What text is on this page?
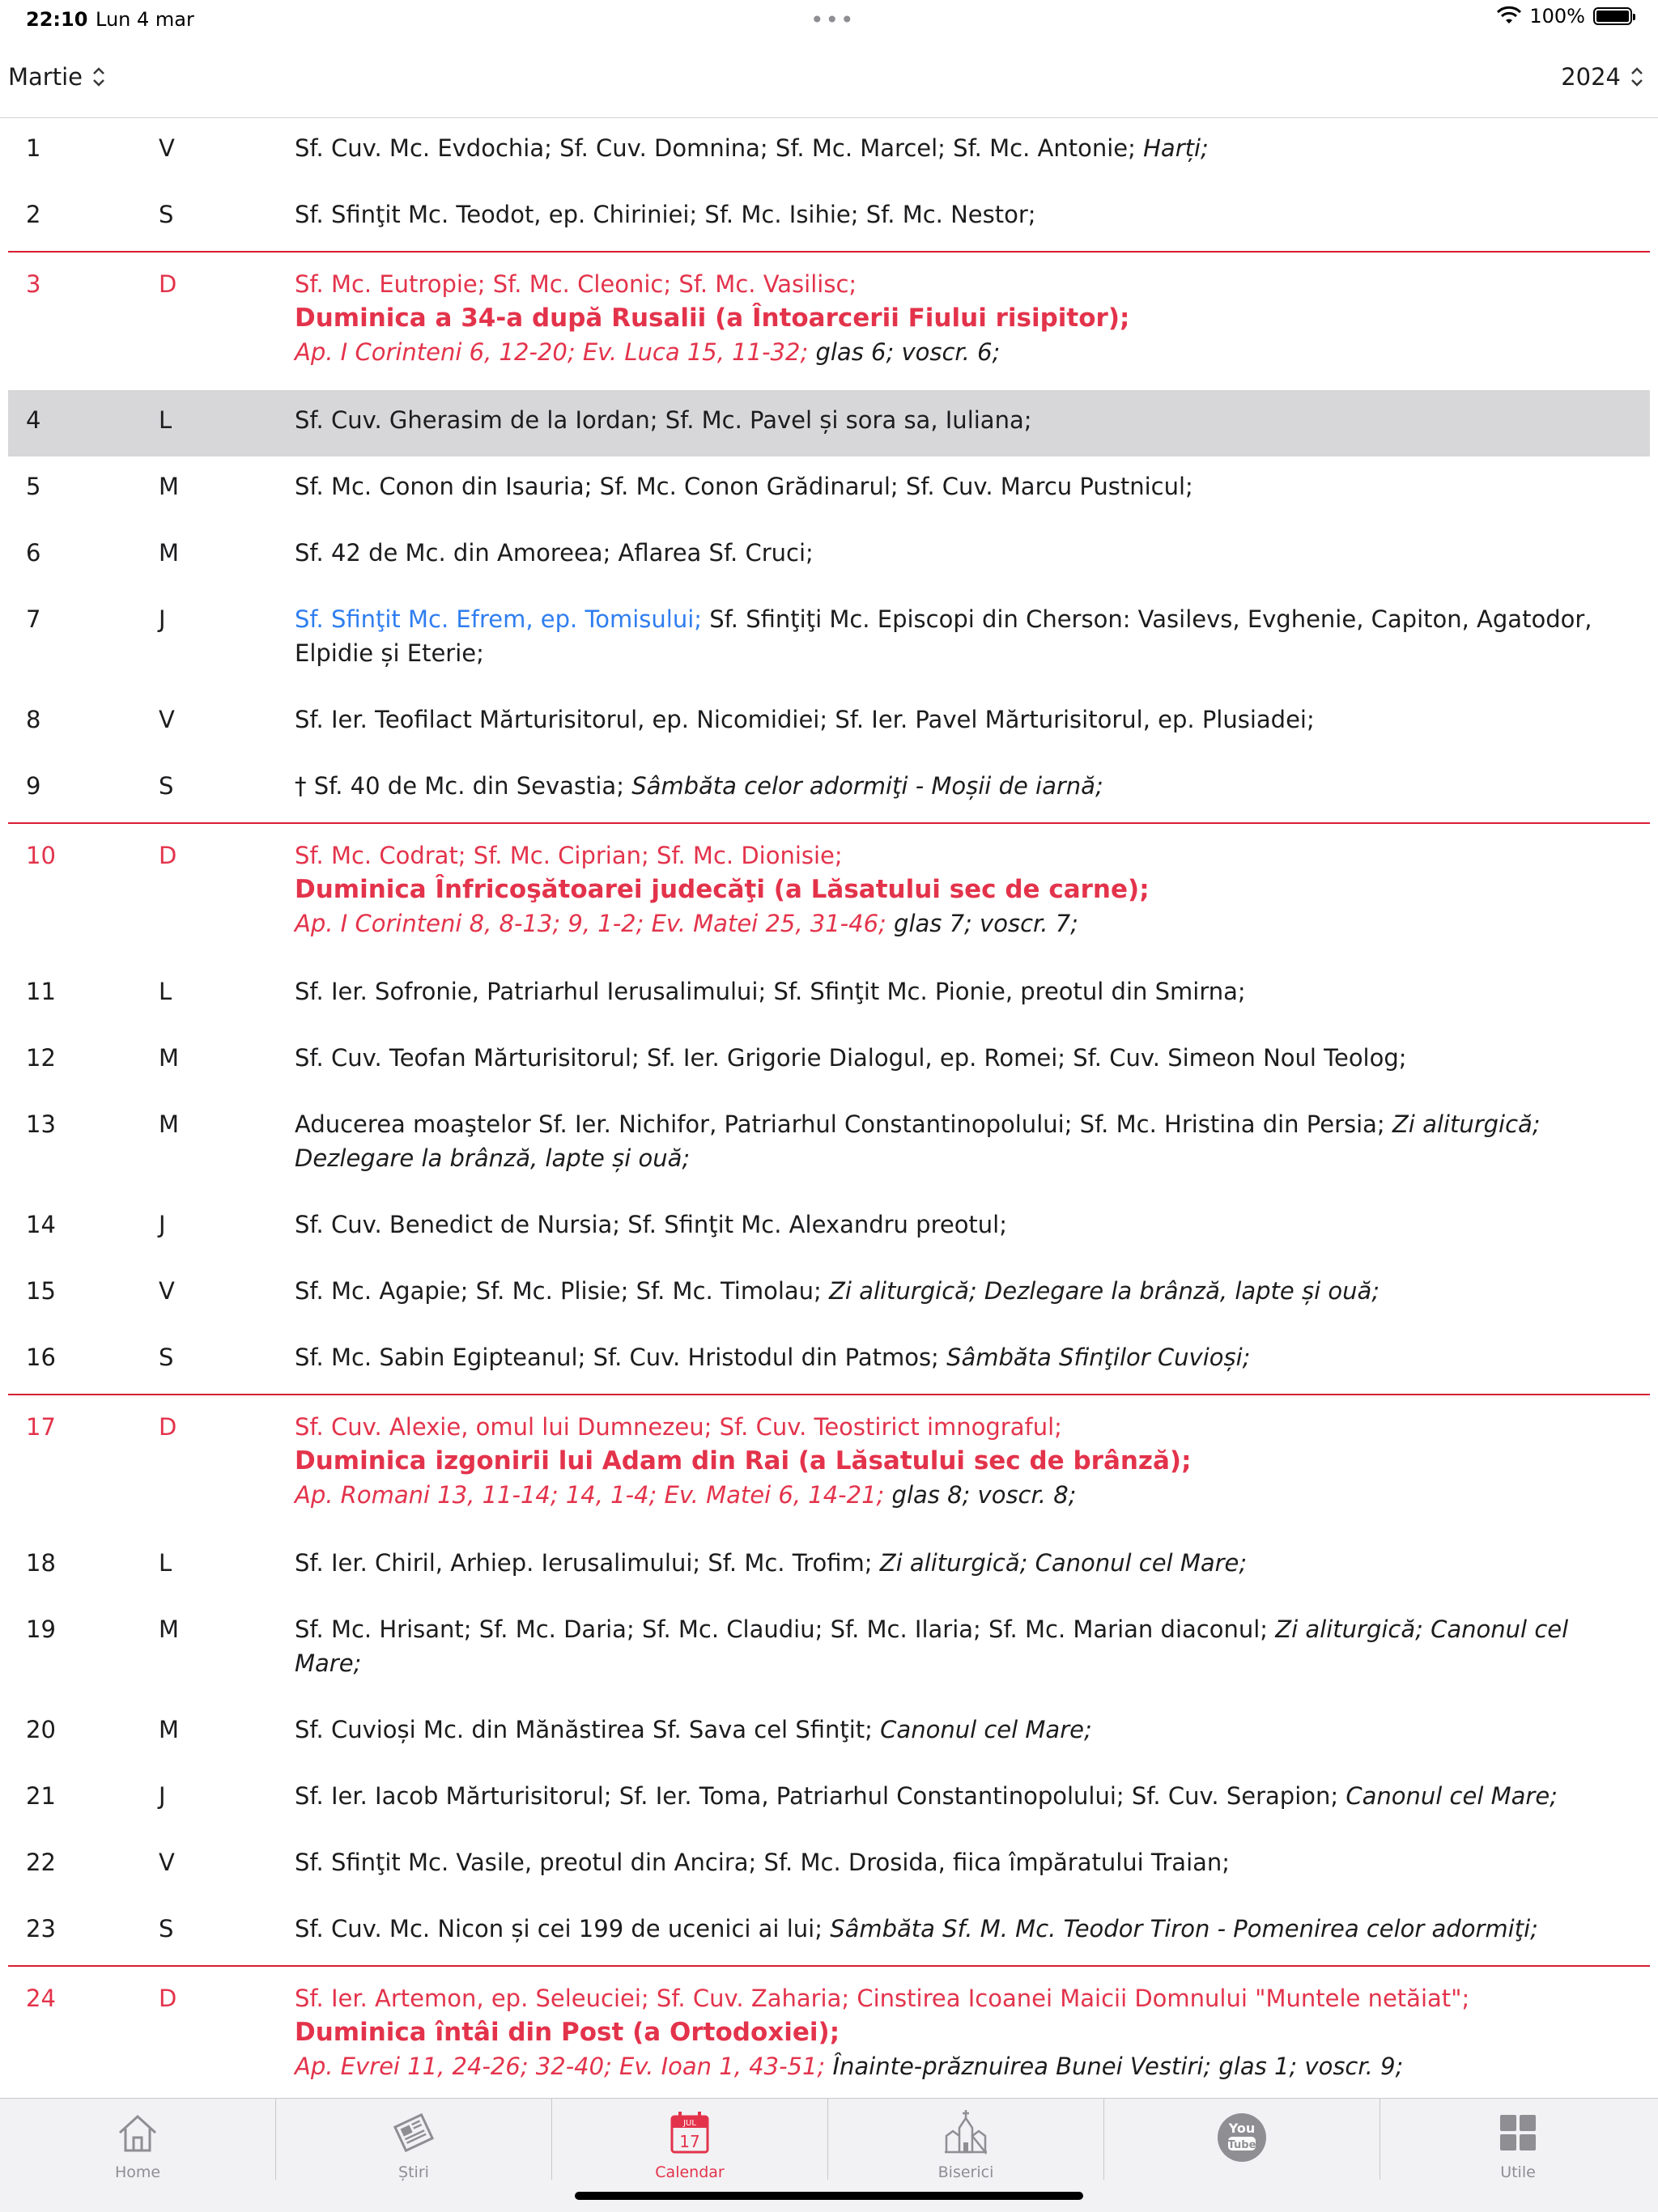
22:10 Lun 4 mar	•••	100%
Martie	2024
1	V	Sf. Cuv. Mc. Evdochia; Sf. Cuv. Domnina; Sf. Mc. Marcel; Sf. Mc. Antonie; Harți;
2	S	Sf. Sfinţit Mc. Teodot, ep. Chiriniei; Sf. Mc. Isihie; Sf. Mc. Nestor;
3	D	Sf. Mc. Eutropie; Sf. Mc. Cleonic; Sf. Mc. Vasilisc;
Duminica a 34-a după Rusalii (a Întoarcerii Fiului risipitor);
Ap. I Corinteni 6, 12-20; Ev. Luca 15, 11-32; glas 6; voscr. 6;
4	L	Sf. Cuv. Gherasim de la Iordan; Sf. Mc. Pavel și sora sa, Iuliana;
5	M	Sf. Mc. Conon din Isauria; Sf. Mc. Conon Grădinarul; Sf. Cuv. Marcu Pustnicul;
6	M	Sf. 42 de Mc. din Amoreea; Aflarea Sf. Cruci;
7	J	Sf. Sfinţit Mc. Efrem, ep. Tomisului; Sf. Sfinţiţi Mc. Episcopi din Cherson: Vasilevs, Evghenie, Capiton, Agatodor, Elpidie și Eterie;
8	V	Sf. Ier. Teofilact Mărturisitorul, ep. Nicomidiei; Sf. Ier. Pavel Mărturisitorul, ep. Plusiadei;
9	S	† Sf. 40 de Mc. din Sevastia; Sâmbăta celor adormiţi - Moșii de iarnă;
10	D	Sf. Mc. Codrat; Sf. Mc. Ciprian; Sf. Mc. Dionisie;
Duminica Înfricoşătoarei judecăţi (a Lăsatului sec de carne);
Ap. I Corinteni 8, 8-13; 9, 1-2; Ev. Matei 25, 31-46; glas 7; voscr. 7;
11	L	Sf. Ier. Sofronie, Patriarhul Ierusalimului; Sf. Sfinţit Mc. Pionie, preotul din Smirna;
12	M	Sf. Cuv. Teofan Mărturisitorul; Sf. Ier. Grigorie Dialogul, ep. Romei; Sf. Cuv. Simeon Noul Teolog;
13	M	Aducerea moaştelor Sf. Ier. Nichifor, Patriarhul Constantinopolului; Sf. Mc. Hristina din Persia; Zi aliturgică; Dezlegare la brânză, lapte și ouă;
14	J	Sf. Cuv. Benedict de Nursia; Sf. Sfinţit Mc. Alexandru preotul;
15	V	Sf. Mc. Agapie; Sf. Mc. Plisie; Sf. Mc. Timolau; Zi aliturgică; Dezlegare la brânză, lapte și ouă;
16	S	Sf. Mc. Sabin Egipteanul; Sf. Cuv. Hristodul din Patmos; Sâmbăta Sfinţilor Cuvioși;
17	D	Sf. Cuv. Alexie, omul lui Dumnezeu; Sf. Cuv. Teostirict imnograful;
Duminica izgonirii lui Adam din Rai (a Lăsatului sec de brânză);
Ap. Romani 13, 11-14; 14, 1-4; Ev. Matei 6, 14-21; glas 8; voscr. 8;
18	L	Sf. Ier. Chiril, Arhiep. Ierusalimului; Sf. Mc. Trofim; Zi aliturgică; Canonul cel Mare;
19	M	Sf. Mc. Hrisant; Sf. Mc. Daria; Sf. Mc. Claudiu; Sf. Mc. Ilaria; Sf. Mc. Marian diaconul; Zi aliturgică; Canonul cel Mare;
20	M	Sf. Cuvioși Mc. din Mănăstirea Sf. Sava cel Sfinţit; Canonul cel Mare;
21	J	Sf. Ier. Iacob Mărturisitorul; Sf. Ier. Toma, Patriarhul Constantinopolului; Sf. Cuv. Serapion; Canonul cel Mare;
22	V	Sf. Sfinţit Mc. Vasile, preotul din Ancira; Sf. Mc. Drosida, fiica împăratului Traian;
23	S	Sf. Cuv. Mc. Nicon și cei 199 de ucenici ai lui; Sâmbăta Sf. M. Mc. Teodor Tiron - Pomenirea celor adormiţi;
24	D	Sf. Ier. Artemon, ep. Seleuciei; Sf. Cuv. Zaharia; Cinstirea Icoanei Maicii Domnului "Muntele netăiat";
Duminica întâi din Post (a Ortodoxiei);
Ap. Evrei 11, 24-26; 32-40; Ev. Ioan 1, 43-51; Înainte-prăznuirea Bunei Vestiri; glas 1; voscr. 9;
Home	Știri
JUL
17
Calendar	Biserici
You
Tube
Utile
